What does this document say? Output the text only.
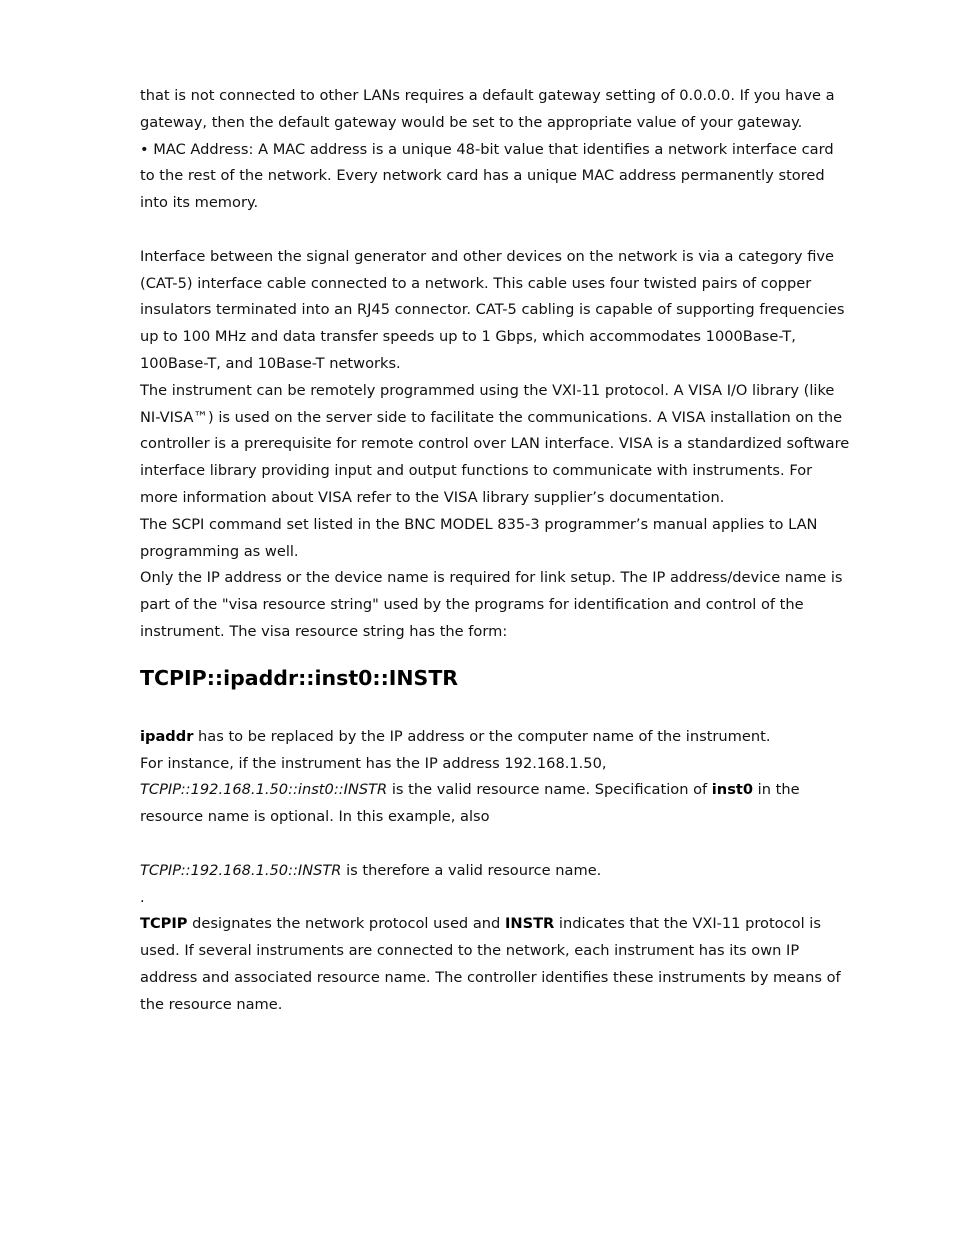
that is not connected to other LANs requires a default gateway setting of 0.0.0.0. If you have a gateway, then the default gateway would be set to the appropriate value of your gateway.

• MAC Address: A MAC address is a unique 48-bit value that identifies a network interface card to the rest of the network. Every network card has a unique MAC address permanently stored into its memory.

Interface between the signal generator and other devices on the network is via a category five (CAT-5) interface cable connected to a network. This cable uses four twisted pairs of copper insulators terminated into an RJ45 connector. CAT-5 cabling is capable of supporting frequencies up to 100 MHz and data transfer speeds up to 1 Gbps, which accommodates 1000Base-T, 100Base-T, and 10Base-T networks.

The instrument can be remotely programmed using the VXI-11 protocol. A VISA I/O library (like NI-VISA™) is used on the server side to facilitate the communications. A VISA installation on the controller is a prerequisite for remote control over LAN interface. VISA is a standardized software interface library providing input and output functions to communicate with instruments. For more information about VISA refer to the VISA library supplier’s documentation.

The SCPI command set listed in the BNC MODEL 835-3 programmer’s manual applies to LAN programming as well.

Only the IP address or the device name is required for link setup. The IP address/device name is part of the "visa resource string" used by the programs for identification and control of the instrument. The visa resource string has the form:

TCPIP::ipaddr::inst0::INSTR

ipaddr has to be replaced by the IP address or the computer name of the instrument.

For instance, if the instrument has the IP address 192.168.1.50,

TCPIP::192.168.1.50::inst0::INSTR is the valid resource name. Specification of inst0 in the resource name is optional. In this example, also

TCPIP::192.168.1.50::INSTR is therefore a valid resource name.

.

TCPIP designates the network protocol used and INSTR indicates that the VXI-11 protocol is used. If several instruments are connected to the network, each instrument has its own IP address and associated resource name. The controller identifies these instruments by means of the resource name.
